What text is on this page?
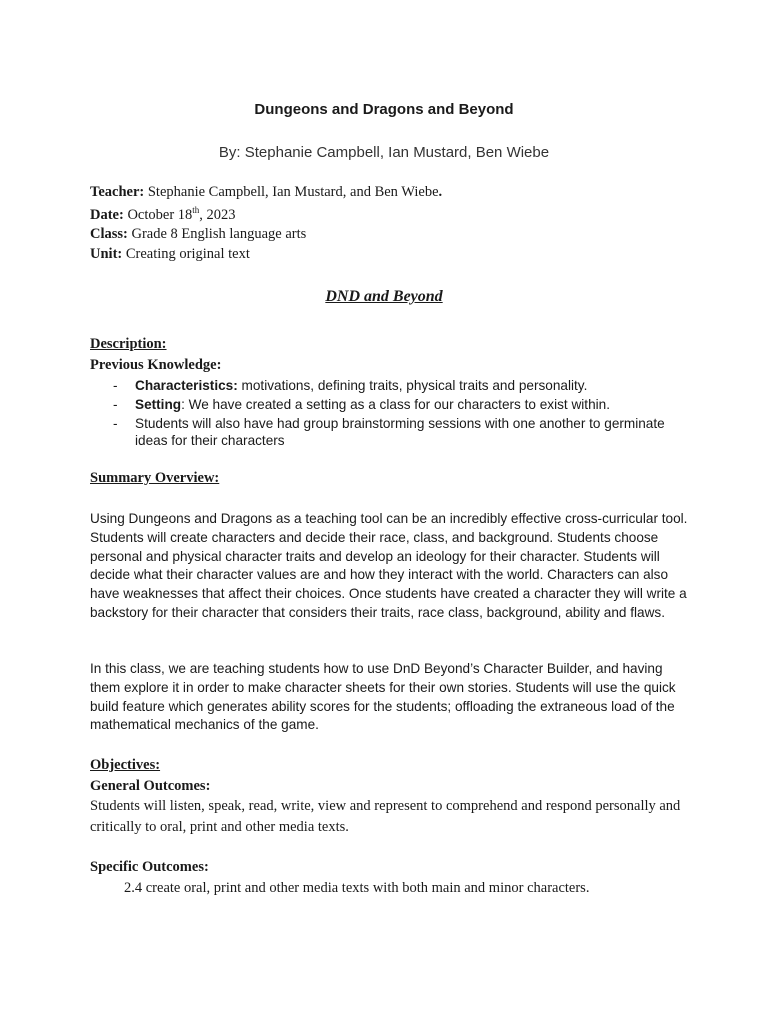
Dungeons and Dragons and Beyond
By: Stephanie Campbell, Ian Mustard, Ben Wiebe
Teacher: Stephanie Campbell, Ian Mustard, and Ben Wiebe.
Date: October 18th, 2023
Class: Grade 8 English language arts
Unit: Creating original text
DND and Beyond
Description:
Previous Knowledge:
-	Characteristics: motivations, defining traits, physical traits and personality.
-	Setting: We have created a setting as a class for our characters to exist within.
-	Students will also have had group brainstorming sessions with one another to germinate ideas for their characters
Summary Overview:
Using Dungeons and Dragons as a teaching tool can be an incredibly effective cross-curricular tool. Students will create characters and decide their race, class, and background. Students choose personal and physical character traits and develop an ideology for their character. Students will decide what their character values are and how they interact with the world. Characters can also have weaknesses that affect their choices. Once students have created a character they will write a backstory for their character that considers their traits, race class, background, ability and flaws.
In this class, we are teaching students how to use DnD Beyond’s Character Builder, and having them explore it in order to make character sheets for their own stories. Students will use the quick build feature which generates ability scores for the students; offloading the extraneous load of the mathematical mechanics of the game.
Objectives:
General Outcomes:
Students will listen, speak, read, write, view and represent to comprehend and respond personally and critically to oral, print and other media texts.
Specific Outcomes:
2.4 create oral, print and other media texts with both main and minor characters.
